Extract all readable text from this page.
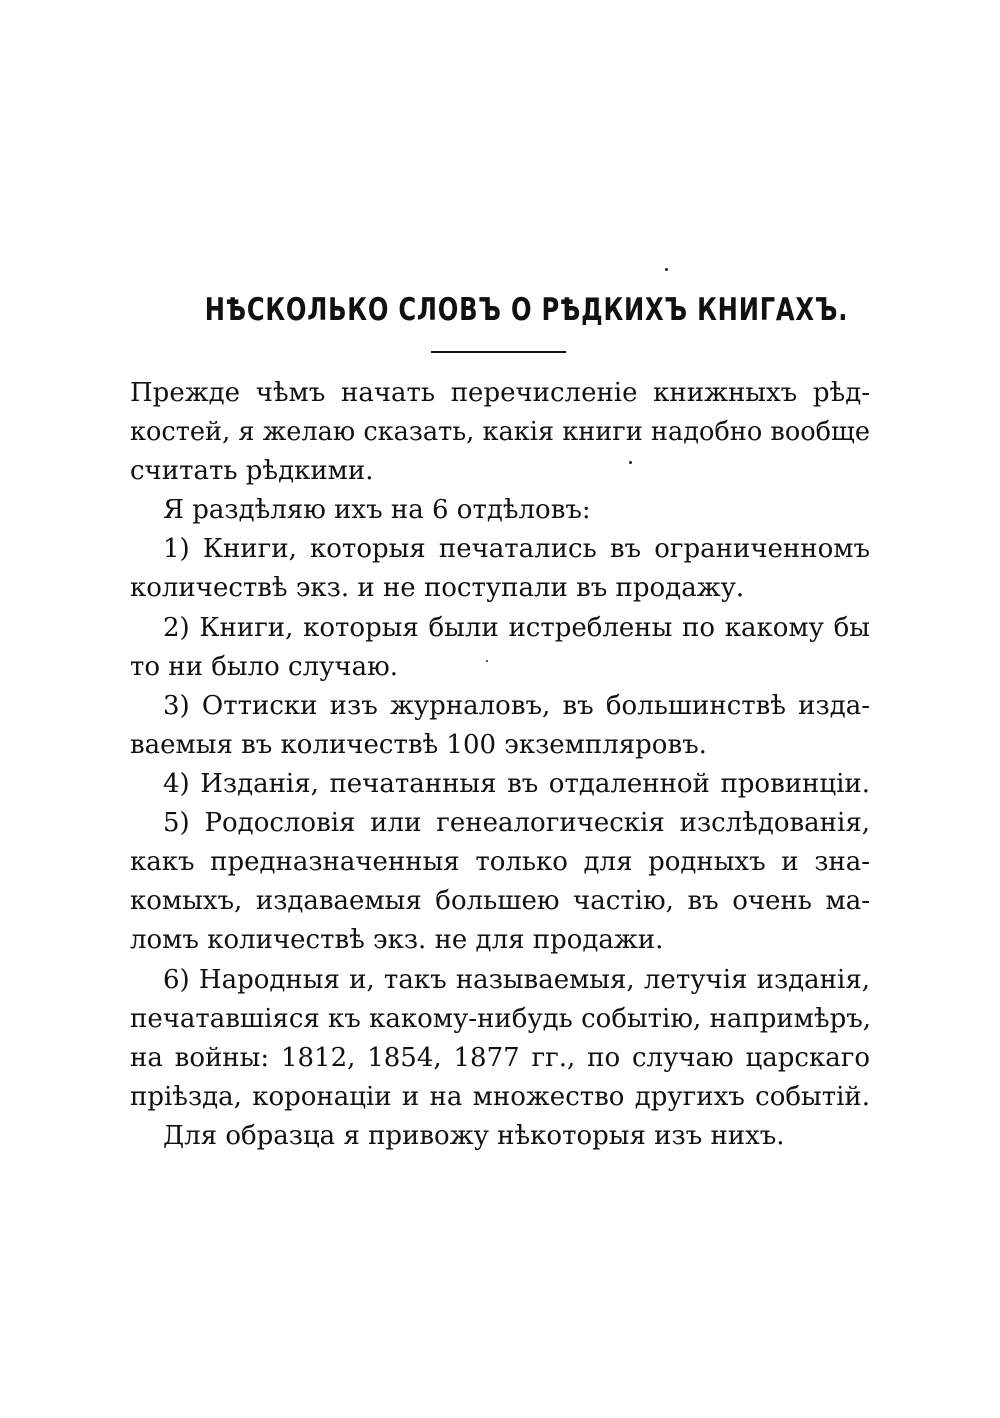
НѢСКОЛЬКО СЛОВЪ О РѢДКИХЪ КНИГАХЪ.
Прежде чѣмъ начать перечисленіе книжныхъ рѣд-
костей, я желаю сказать, какія книги надобно вообще
считать рѣдкими.
Я раздѣляю ихъ на 6 отдѣловъ:
1) Книги, которыя печатались въ ограниченномъ
количествѣ экз. и не поступали въ продажу.
2) Книги, которыя были истреблены по какому бы
то ни было случаю.
3) Оттиски изъ журналовъ, въ большинствѣ изда-
ваемыя въ количествѣ 100 экземпляровъ.
4) Изданія, печатанныя въ отдаленной провинціи.
5) Родословія или генеалогическія изслѣдованія,
какъ предназначенныя только для родныхъ и зна-
комыхъ, издаваемыя большею частію, въ очень ма-
ломъ количествѣ экз. не для продажи.
6) Народныя и, такъ называемыя, летучія изданія,
печатавшіяся къ какому-нибудь событію, напримѣръ,
на войны: 1812, 1854, 1877 гг., по случаю царскаго
пріѣзда, коронаціи и на множество другихъ событій.
Для образца я привожу нѣкоторыя изъ нихъ.
